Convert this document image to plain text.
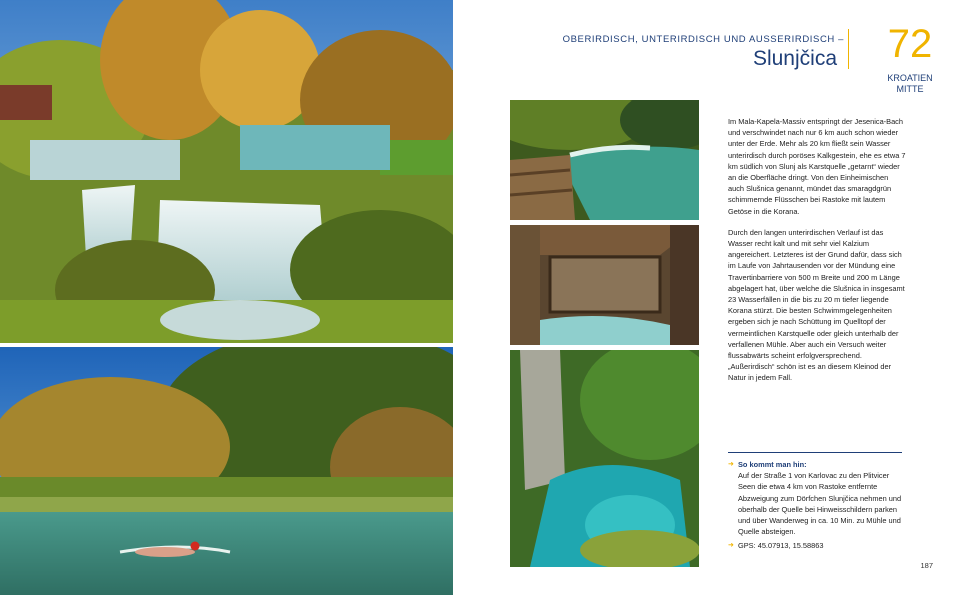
OBERIRDISCH, UNTERIRDISCH UND AUSSERIRDISCH –
Slunjčica	72
KROATIEN
MITTE

Im Mala-Kapela-Massiv entspringt der Jesenica-Bach und verschwindet nach nur 6 km auch schon wieder unter der Erde. Mehr als 20 km fließt sein Wasser unterirdisch durch poröses Kalkgestein, ehe es etwa 7 km südlich von Slunj als Karstquelle „getarnt“ wieder an die Oberfläche dringt. Von den Einheimischen auch Slušnica genannt, mündet das smaragdgrün schimmernde Flüsschen bei Rastoke mit lautem Getöse in die Korana.

Durch den langen unterirdischen Verlauf ist das Wasser recht kalt und mit sehr viel Kalzium angereichert. Letzteres ist der Grund dafür, dass sich im Laufe von Jahrtausenden vor der Mündung eine Travertinbarriere von 500 m Breite und 200 m Länge abgelagert hat, über welche die Slušnica in insgesamt 23 Wasserfällen in die bis zu 20 m tiefer liegende Korana stürzt. Die besten Schwimmgelegenheiten ergeben sich je nach Schüttung im Quelltopf der vermeintlichen Karstquelle oder gleich unterhalb der verfallenen Mühle. Aber auch ein Versuch weiter flussabwärts scheint erfolgversprechend. „Außerirdisch“ schön ist es an diesem Kleinod der Natur in jedem Fall.

➜ So kommt man hin:
Auf der Straße 1 von Karlovac zu den Plitvicer Seen die etwa 4 km von Rastoke entfernte Abzweigung zum Dörfchen Slunjčica nehmen und oberhalb der Quelle bei Hinweisschildern parken und über Wanderweg in ca. 10 Min. zu Mühle und Quelle absteigen.
➜ GPS: 45.07913, 15.58863
187
